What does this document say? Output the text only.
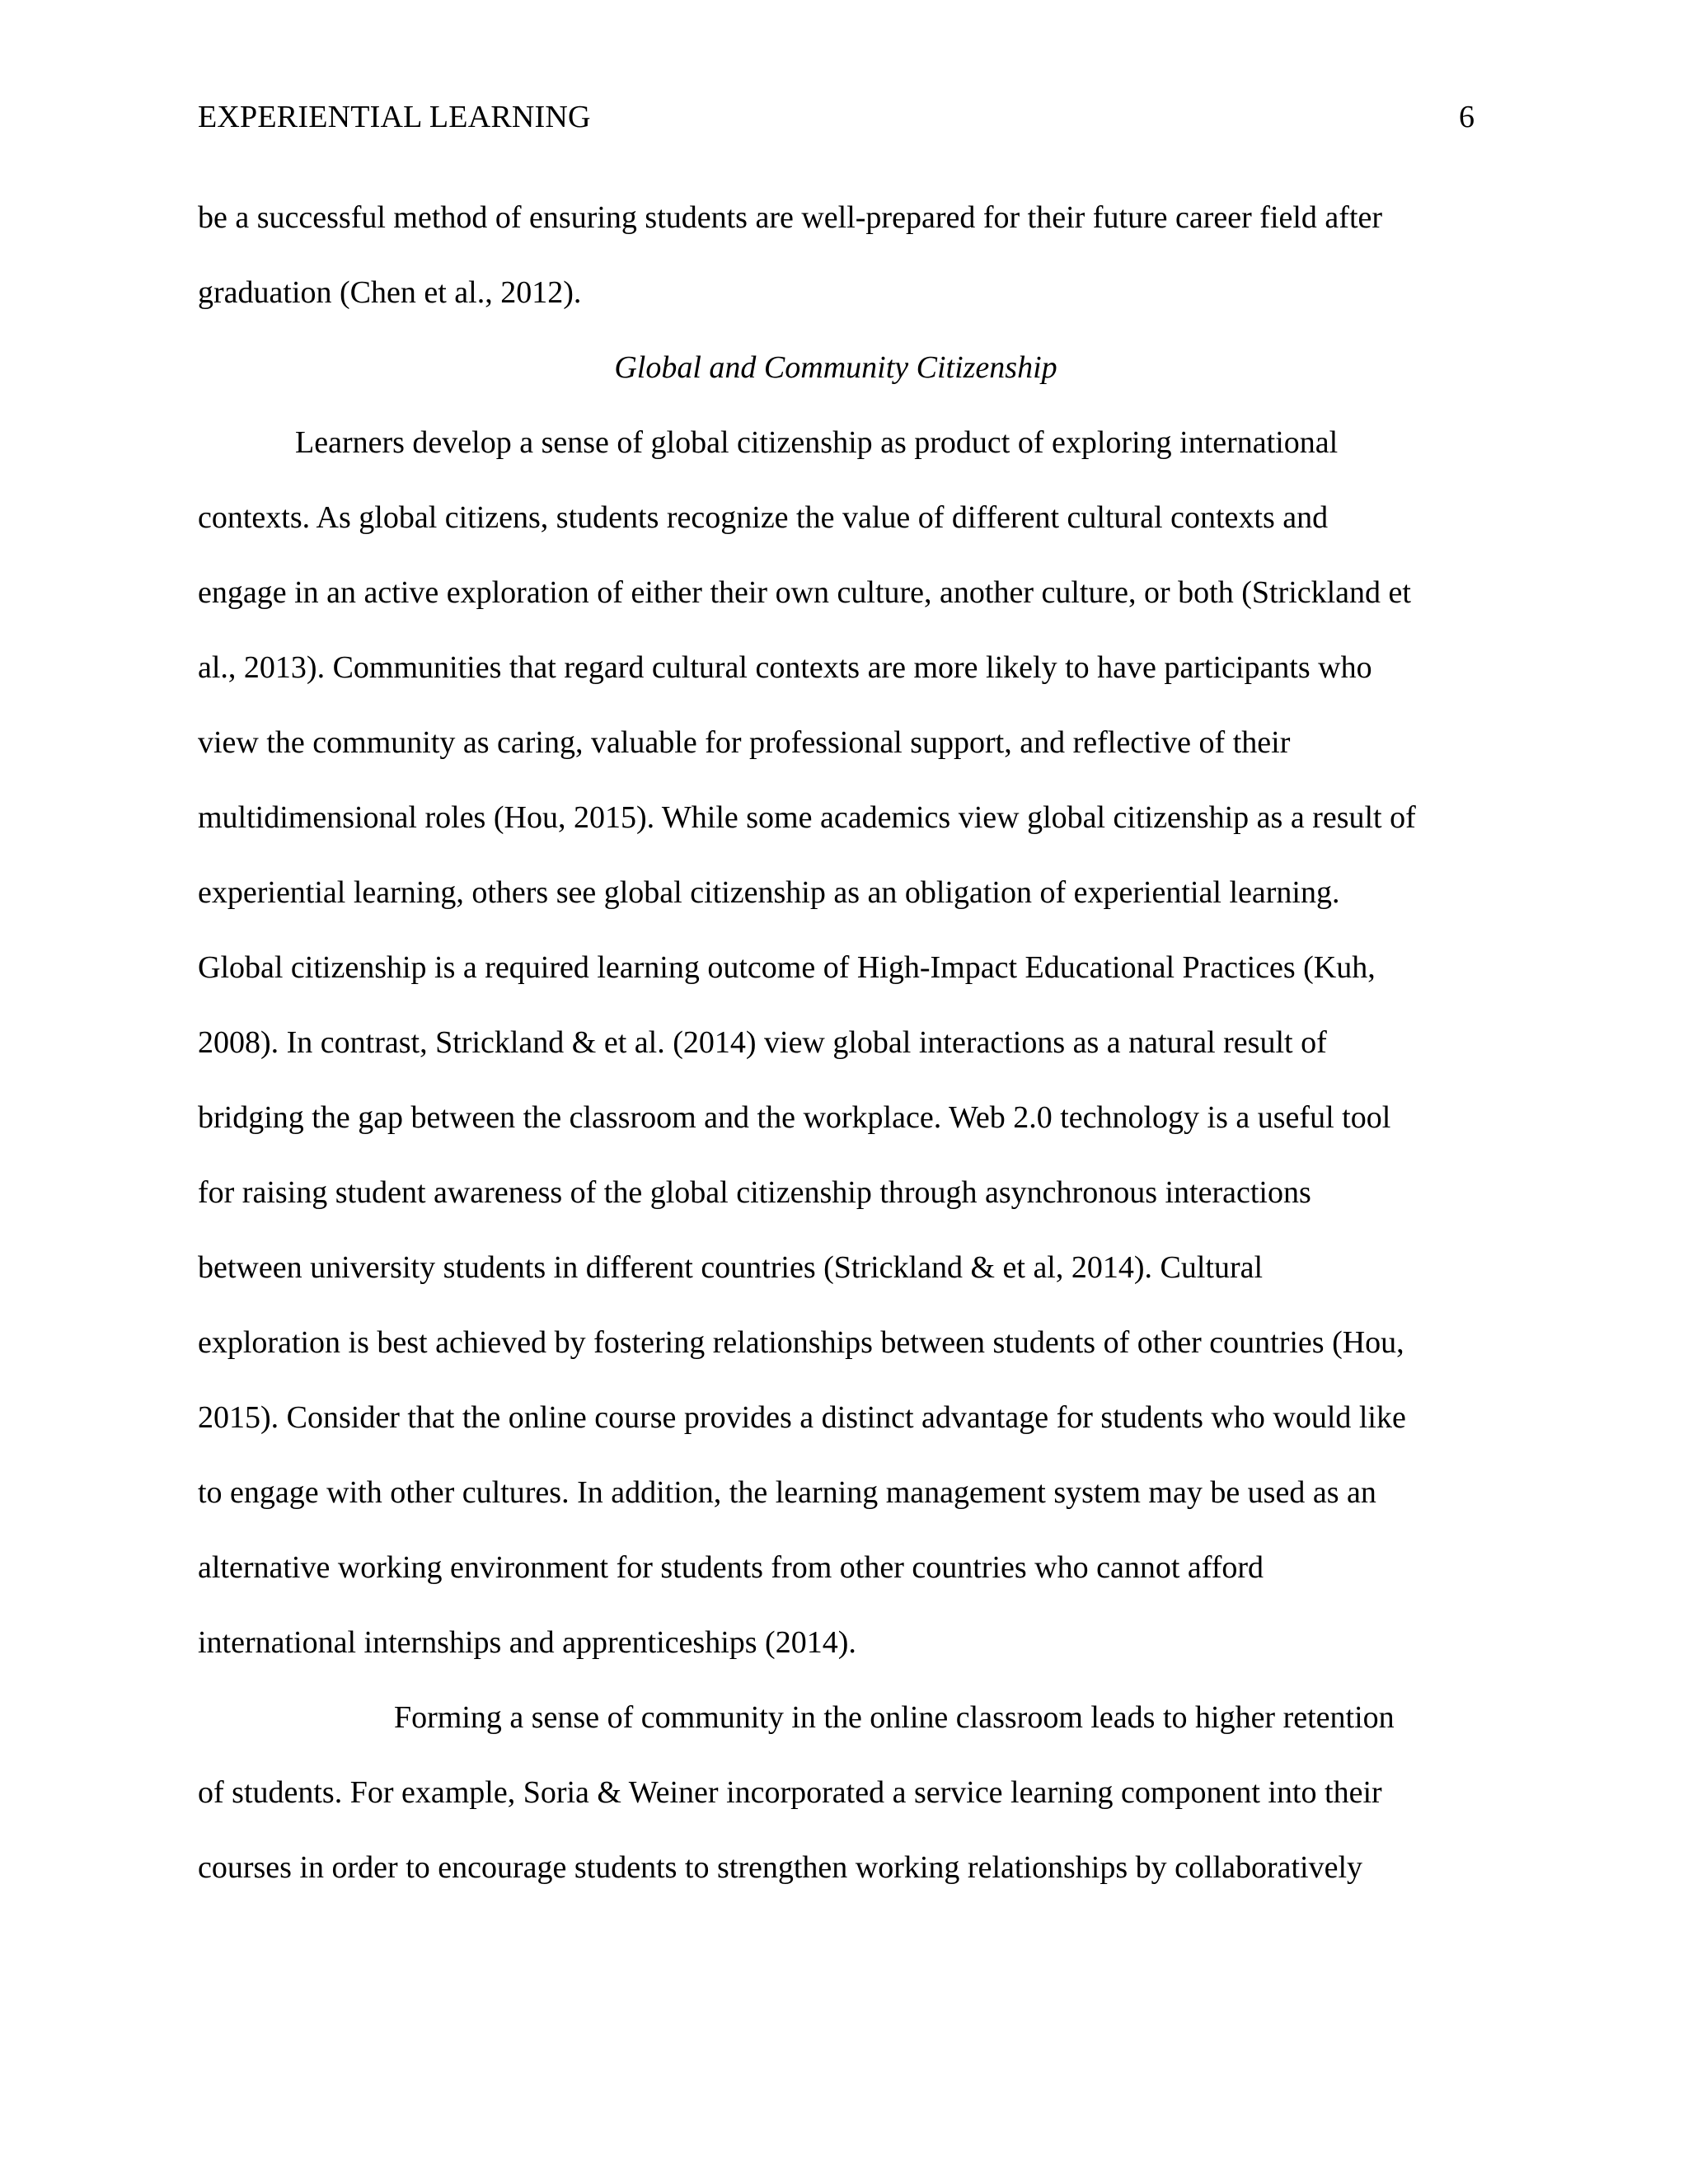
EXPERIENTIAL LEARNING	6
be a successful method of ensuring students are well-prepared for their future career field after
graduation (Chen et al., 2012).
Global and Community Citizenship
Learners develop a sense of global citizenship as product of exploring international
contexts. As global citizens, students recognize the value of different cultural contexts and
engage in an active exploration of either their own culture, another culture, or both (Strickland et
al., 2013). Communities that regard cultural contexts are more likely to have participants who
view the community as caring, valuable for professional support, and reflective of their
multidimensional roles (Hou, 2015). While some academics view global citizenship as a result of
experiential learning, others see global citizenship as an obligation of experiential learning.
Global citizenship is a required learning outcome of High-Impact Educational Practices (Kuh,
2008). In contrast, Strickland & et al. (2014) view global interactions as a natural result of
bridging the gap between the classroom and the workplace. Web 2.0 technology is a useful tool
for raising student awareness of the global citizenship through asynchronous interactions
between university students in different countries (Strickland & et al, 2014). Cultural
exploration is best achieved by fostering relationships between students of other countries (Hou,
2015). Consider that the online course provides a distinct advantage for students who would like
to engage with other cultures. In addition, the learning management system may be used as an
alternative working environment for students from other countries who cannot afford
international internships and apprenticeships (2014).
Forming a sense of community in the online classroom leads to higher retention
of students. For example, Soria & Weiner incorporated a service learning component into their
courses in order to encourage students to strengthen working relationships by collaboratively
